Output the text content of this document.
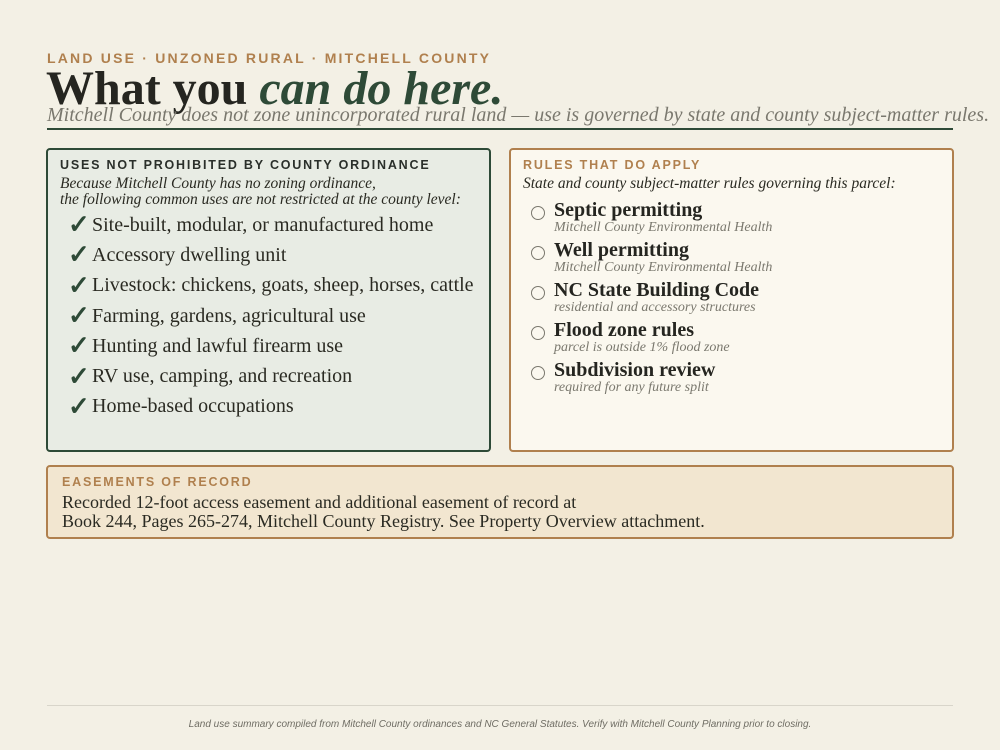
LAND USE · UNZONED RURAL · MITCHELL COUNTY
What you can do here.
Mitchell County does not zone unincorporated rural land — use is governed by state and county subject-matter rules.
USES NOT PROHIBITED BY COUNTY ORDINANCE
Because Mitchell County has no zoning ordinance,
the following common uses are not restricted at the county level:
✓ Site-built, modular, or manufactured home
✓ Accessory dwelling unit
✓ Livestock: chickens, goats, sheep, horses, cattle
✓ Farming, gardens, agricultural use
✓ Hunting and lawful firearm use
✓ RV use, camping, and recreation
✓ Home-based occupations
RULES THAT DO APPLY
State and county subject-matter rules governing this parcel:
Septic permitting
Mitchell County Environmental Health
Well permitting
Mitchell County Environmental Health
NC State Building Code
residential and accessory structures
Flood zone rules
parcel is outside 1% flood zone
Subdivision review
required for any future split
EASEMENTS OF RECORD
Recorded 12-foot access easement and additional easement of record at
Book 244, Pages 265-274, Mitchell County Registry. See Property Overview attachment.
Land use summary compiled from Mitchell County ordinances and NC General Statutes. Verify with Mitchell County Planning prior to closing.
